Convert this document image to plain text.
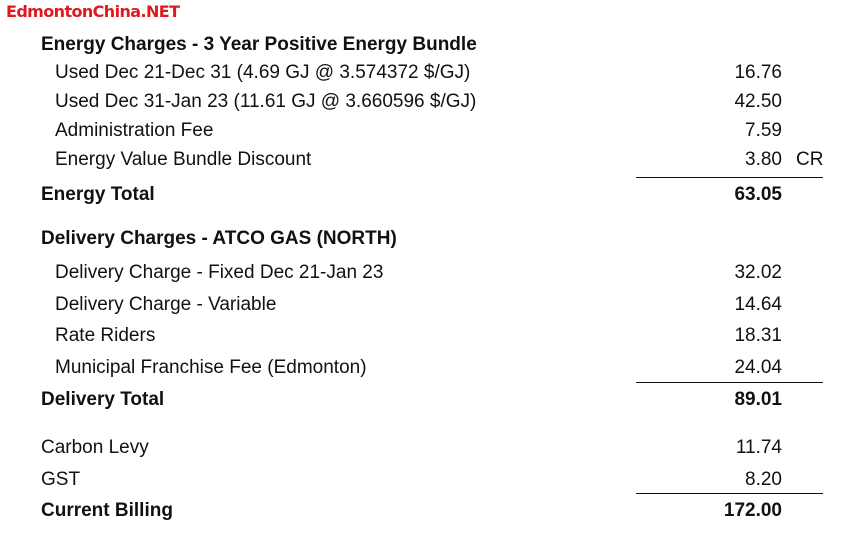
EdmontonChina.NET
Energy Charges - 3 Year Positive Energy Bundle
Used Dec 21-Dec 31 (4.69 GJ @ 3.574372 $/GJ)	16.76
Used Dec 31-Jan 23 (11.61 GJ @ 3.660596 $/GJ)	42.50
Administration Fee	7.59
Energy Value Bundle Discount	3.80 CR
Energy Total	63.05
Delivery Charges - ATCO GAS (NORTH)
Delivery Charge - Fixed Dec 21-Jan 23	32.02
Delivery Charge - Variable	14.64
Rate Riders	18.31
Municipal Franchise Fee (Edmonton)	24.04
Delivery Total	89.01
Carbon Levy	11.74
GST	8.20
Current Billing	172.00
